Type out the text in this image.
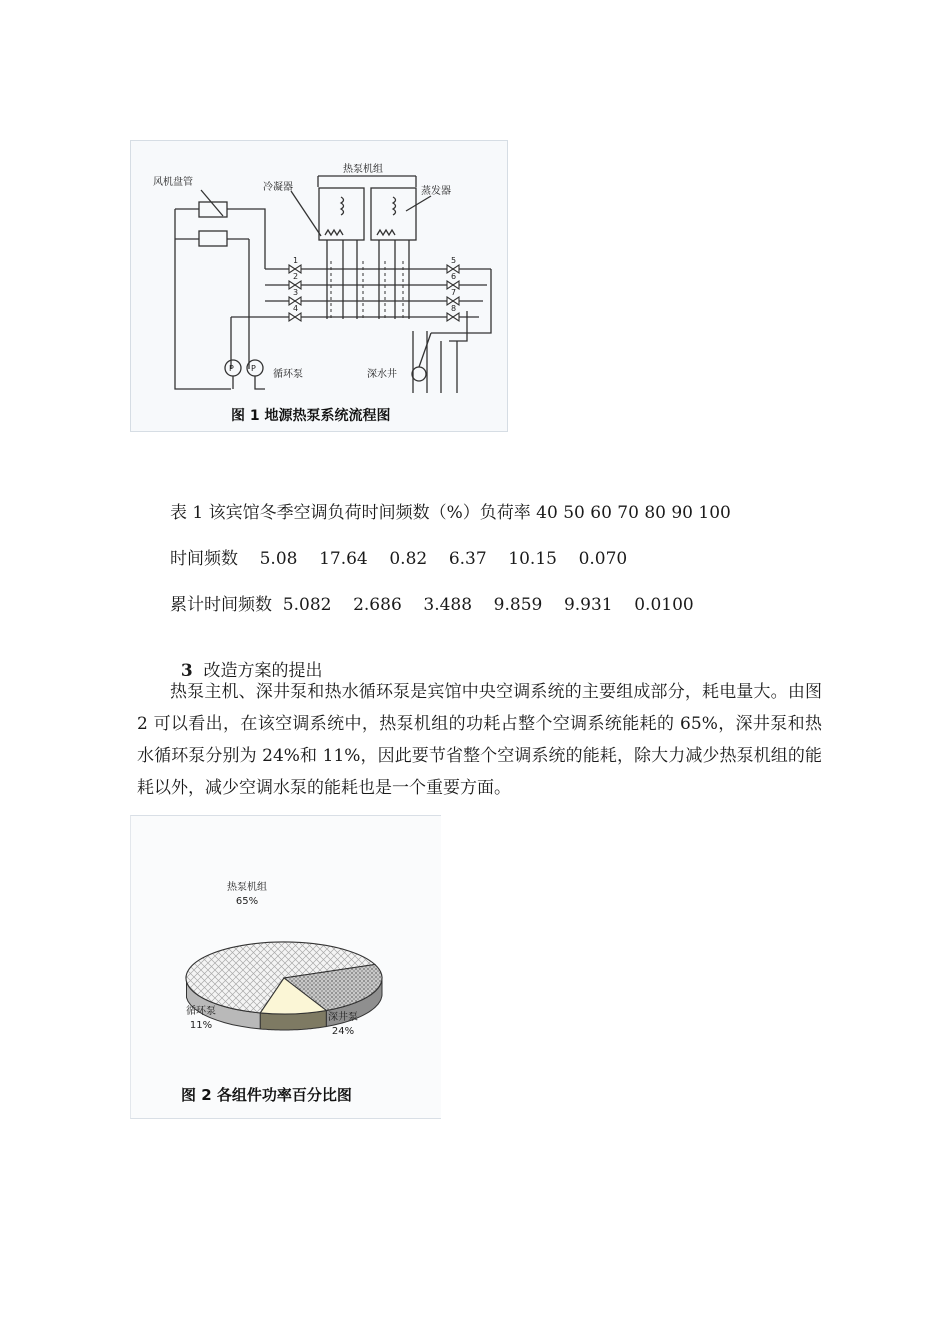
风机盘管
热泵机组
冷凝器	蒸发器
循环泵	深水井
P P
1
2
3
4
5
6
7
8
图 1 地源热泵系统流程图
表 1 该宾馆冬季空调负荷时间频数（%）负荷率 40 50 60 70 80 90 100
时间频数    5.08    17.64    0.82    6.37    10.15    0.070
累计时间频数  5.082    2.686    3.488    9.859    9.931    0.0100

3 改造方案的提出

热泵主机、深井泵和热水循环泵是宾馆中央空调系统的主要组成部分，耗电量大。由图 2 可以看出，在该空调系统中，热泵机组的功耗占整个空调系统能耗的 65%，深井泵和热水循环泵分别为 24%和 11%，因此要节省整个空调系统的能耗，除大力减少热泵机组的能耗以外，减少空调水泵的能耗也是一个重要方面。
热泵机组
65%
深井泵
24%
循环泵
11%
图 2 各组件功率百分比图
